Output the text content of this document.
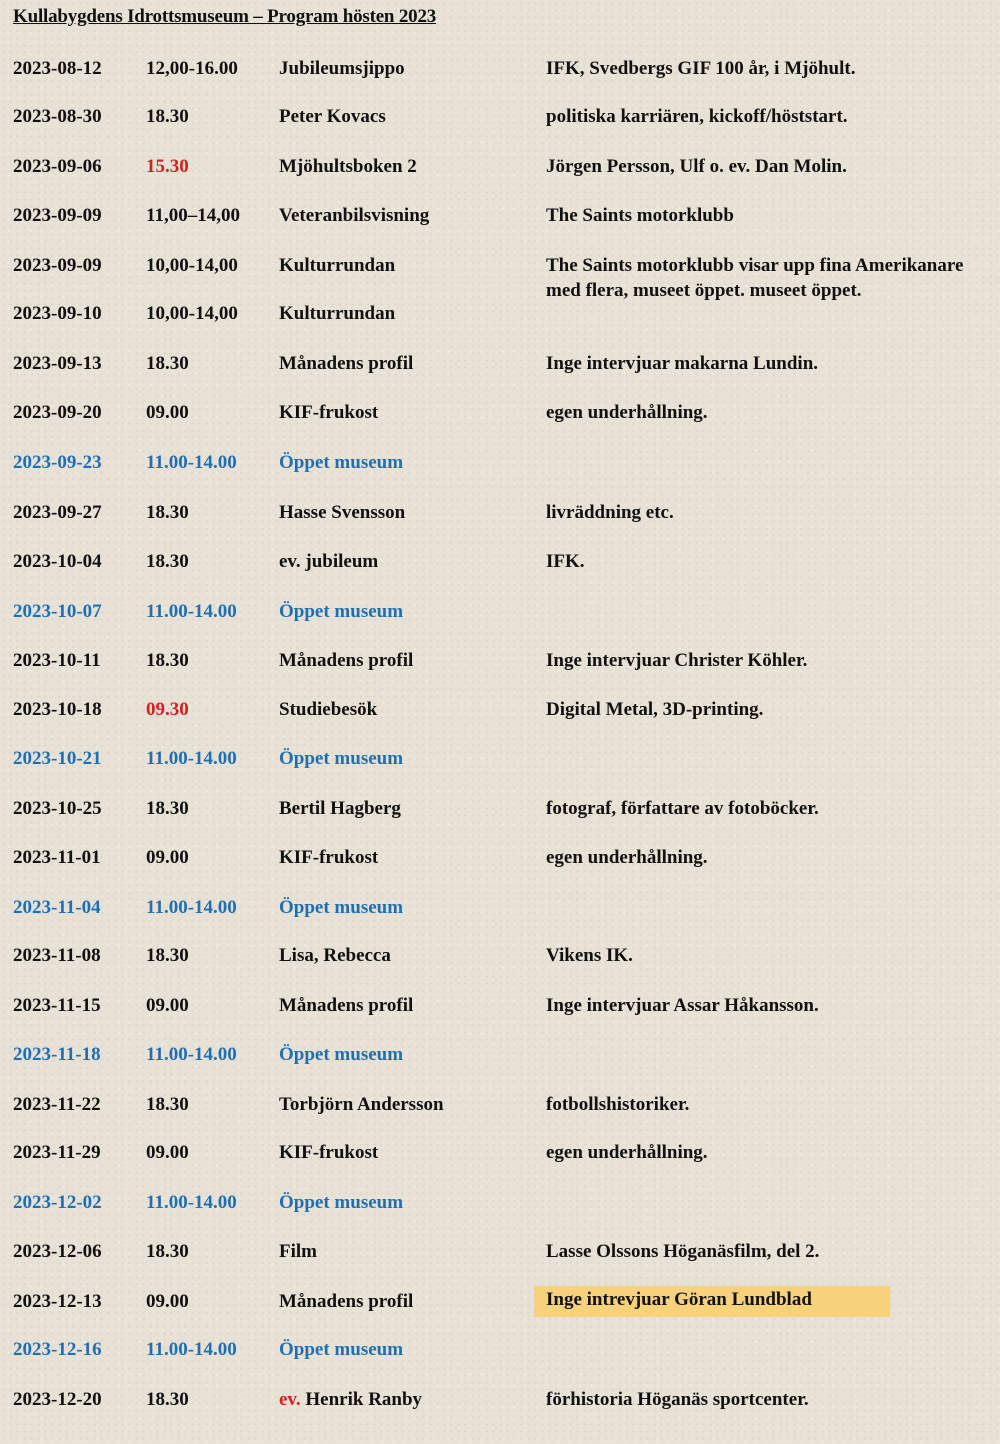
Kullabygdens Idrottsmuseum – Program hösten 2023
2023-08-12 12,00-16.00 Jubileumsjippo	IFK, Svedbergs GIF 100 år, i Mjöhult.
2023-08-30 18.30	Peter Kovacs	politiska karriären, kickoff/höststart.
2023-09-06 15.30	Mjöhultsboken 2	Jörgen Persson, Ulf o. ev. Dan Molin.
2023-09-09 11,00–14,00 Veteranbilsvisning	The Saints motorklubb
2023-09-09 10,00-14,00 Kulturrundan	The Saints motorklubb visar upp fina Amerikanare med flera, museet öppet. museet öppet.
2023-09-10 10,00-14,00 Kulturrundan
2023-09-13 18.30	Månadens profil	Inge intervjuar makarna Lundin.
2023-09-20 09.00	KIF-frukost	egen underhållning.
2023-09-23 11.00-14.00 Öppet museum
2023-09-27 18.30	Hasse Svensson	livräddning etc.
2023-10-04 18.30	ev. jubileum	IFK.
2023-10-07 11.00-14.00 Öppet museum
2023-10-11 18.30	Månadens profil	Inge intervjuar Christer Köhler.
2023-10-18 09.30	Studiebesök	Digital Metal, 3D-printing.
2023-10-21 11.00-14.00 Öppet museum
2023-10-25 18.30	Bertil Hagberg	fotograf, författare av fotoböcker.
2023-11-01 09.00	KIF-frukost	egen underhållning.
2023-11-04 11.00-14.00 Öppet museum
2023-11-08 18.30	Lisa, Rebecca	Vikens IK.
2023-11-15 09.00	Månadens profil	Inge intervjuar Assar Håkansson.
2023-11-18 11.00-14.00 Öppet museum
2023-11-22 18.30	Torbjörn Andersson	fotbollshistoriker.
2023-11-29 09.00	KIF-frukost	egen underhållning.
2023-12-02 11.00-14.00 Öppet museum
2023-12-06 18.30	Film	Lasse Olssons Höganäsfilm, del 2.
2023-12-13 09.00	Månadens profil	Inge intrevjuar Göran Lundblad
2023-12-16 11.00-14.00 Öppet museum
2023-12-20 18.30	ev. Henrik Ranby	förhistoria Höganäs sportcenter.
